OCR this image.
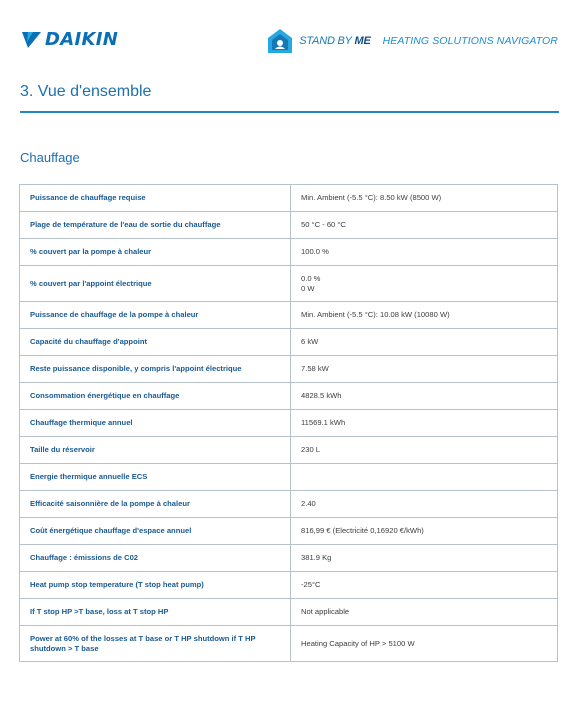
DAIKIN	STAND BY ME HEATING SOLUTIONS NAVIGATOR
3. Vue d'ensemble
Chauffage
Puissance de chauffage requise	Min. Ambient (-5.5 °C): 8.50 kW (8500 W)
Plage de température de l'eau de sortie du chauffage	50 °C - 60 °C
% couvert par la pompe à chaleur	100.0 %
% couvert par l'appoint électrique	0.0 %
0 W

Puissance de chauffage de la pompe à chaleur	Min. Ambient (-5.5 °C): 10.08 kW (10080 W)
Capacité du chauffage d'appoint	6 kW
Reste puissance disponible, y compris l'appoint électrique	7.58 kW
Consommation énergétique en chauffage	4828.5 kWh
Chauffage thermique annuel	11569.1 kWh
Taille du réservoir	230 L
Energie thermique annuelle ECS	
Efficacité saisonnière de la pompe à chaleur	2.40
Coût énergétique chauffage d'espace annuel	816,99 € (Electricité 0,16920 €/kWh)
Chauffage : émissions de C02	381.9 Kg
Heat pump stop temperature (T stop heat pump)	-25°C
If T stop HP >T base, loss at T stop HP	Not applicable
Power at 60% of the losses at T base or T HP shutdown if T HP shutdown > T base	Heating Capacity of HP > 5100 W
